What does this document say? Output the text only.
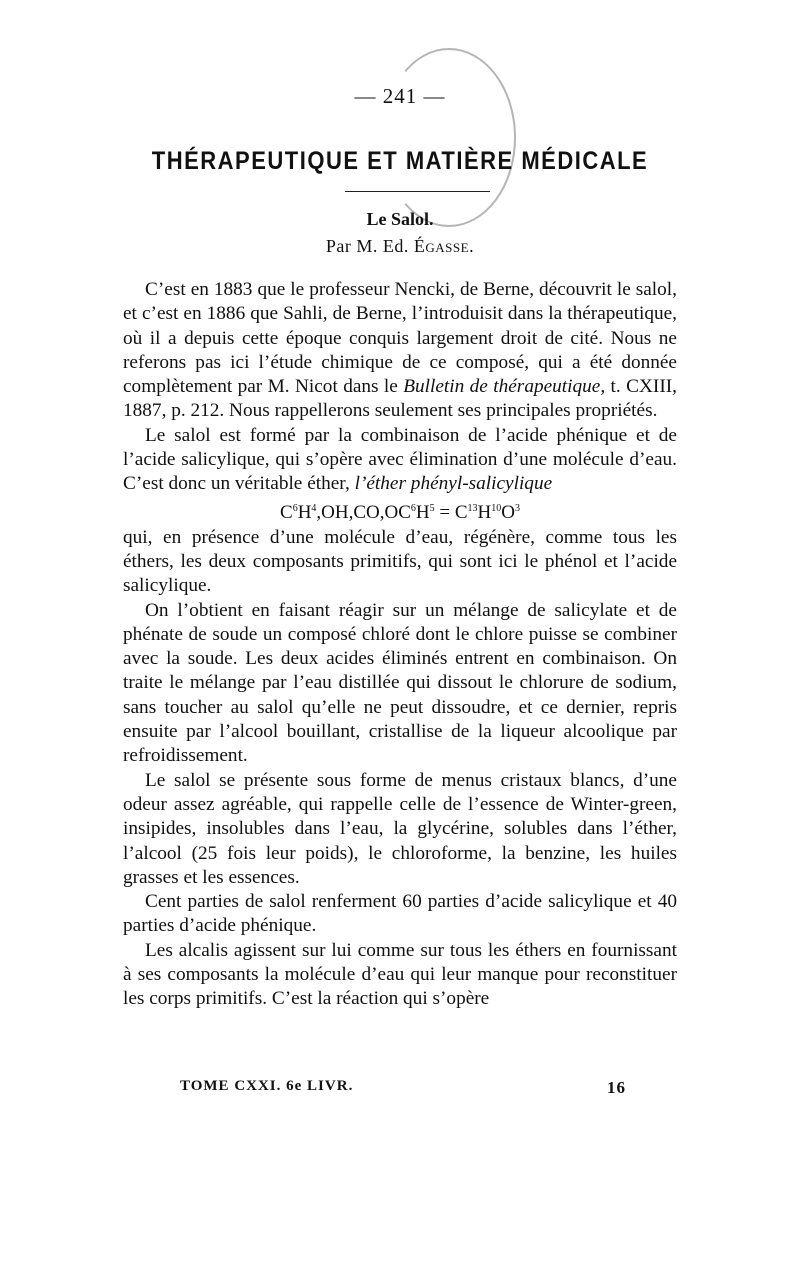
— 241 —
THÉRAPEUTIQUE ET MATIÈRE MÉDICALE
Le Salol.
Par M. Ed. Égasse.

C’est en 1883 que le professeur Nencki, de Berne, découvrit le salol, et c’est en 1886 que Sahli, de Berne, l’introduisit dans la thérapeutique, où il a depuis cette époque conquis largement droit de cité. Nous ne referons pas ici l’étude chimique de ce composé, qui a été donnée complètement par M. Nicot dans le Bulletin de thérapeutique, t. CXIII, 1887, p. 212. Nous rappellerons seulement ses principales propriétés.

Le salol est formé par la combinaison de l’acide phénique et de l’acide salicylique, qui s’opère avec élimination d’une molécule d’eau. C’est donc un véritable éther, l’éther phényl-salicylique

$C^6H^4,OH,CO,OC^6H^5 = C^{13}H^{10}O^3$

qui, en présence d’une molécule d’eau, régénère, comme tous les éthers, les deux composants primitifs, qui sont ici le phénol et l’acide salicylique.

On l’obtient en faisant réagir sur un mélange de salicylate et de phénate de soude un composé chloré dont le chlore puisse se combiner avec la soude. Les deux acides éliminés entrent en combinaison. On traite le mélange par l’eau distillée qui dissout le chlorure de sodium, sans toucher au salol qu’elle ne peut dissoudre, et ce dernier, repris ensuite par l’alcool bouillant, cristallise de la liqueur alcoolique par refroidissement.

Le salol se présente sous forme de menus cristaux blancs, d’une odeur assez agréable, qui rappelle celle de l’essence de Winter-green, insipides, insolubles dans l’eau, la glycérine, solubles dans l’éther, l’alcool (25 fois leur poids), le chloroforme, la benzine, les huiles grasses et les essences.

Cent parties de salol renferment 60 parties d’acide salicylique et 40 parties d’acide phénique.

Les alcalis agissent sur lui comme sur tous les éthers en fournissant à ses composants la molécule d’eau qui leur manque pour reconstituer les corps primitifs. C’est la réaction qui s’opère

TOME CXXI. 6e LIVR.	16
